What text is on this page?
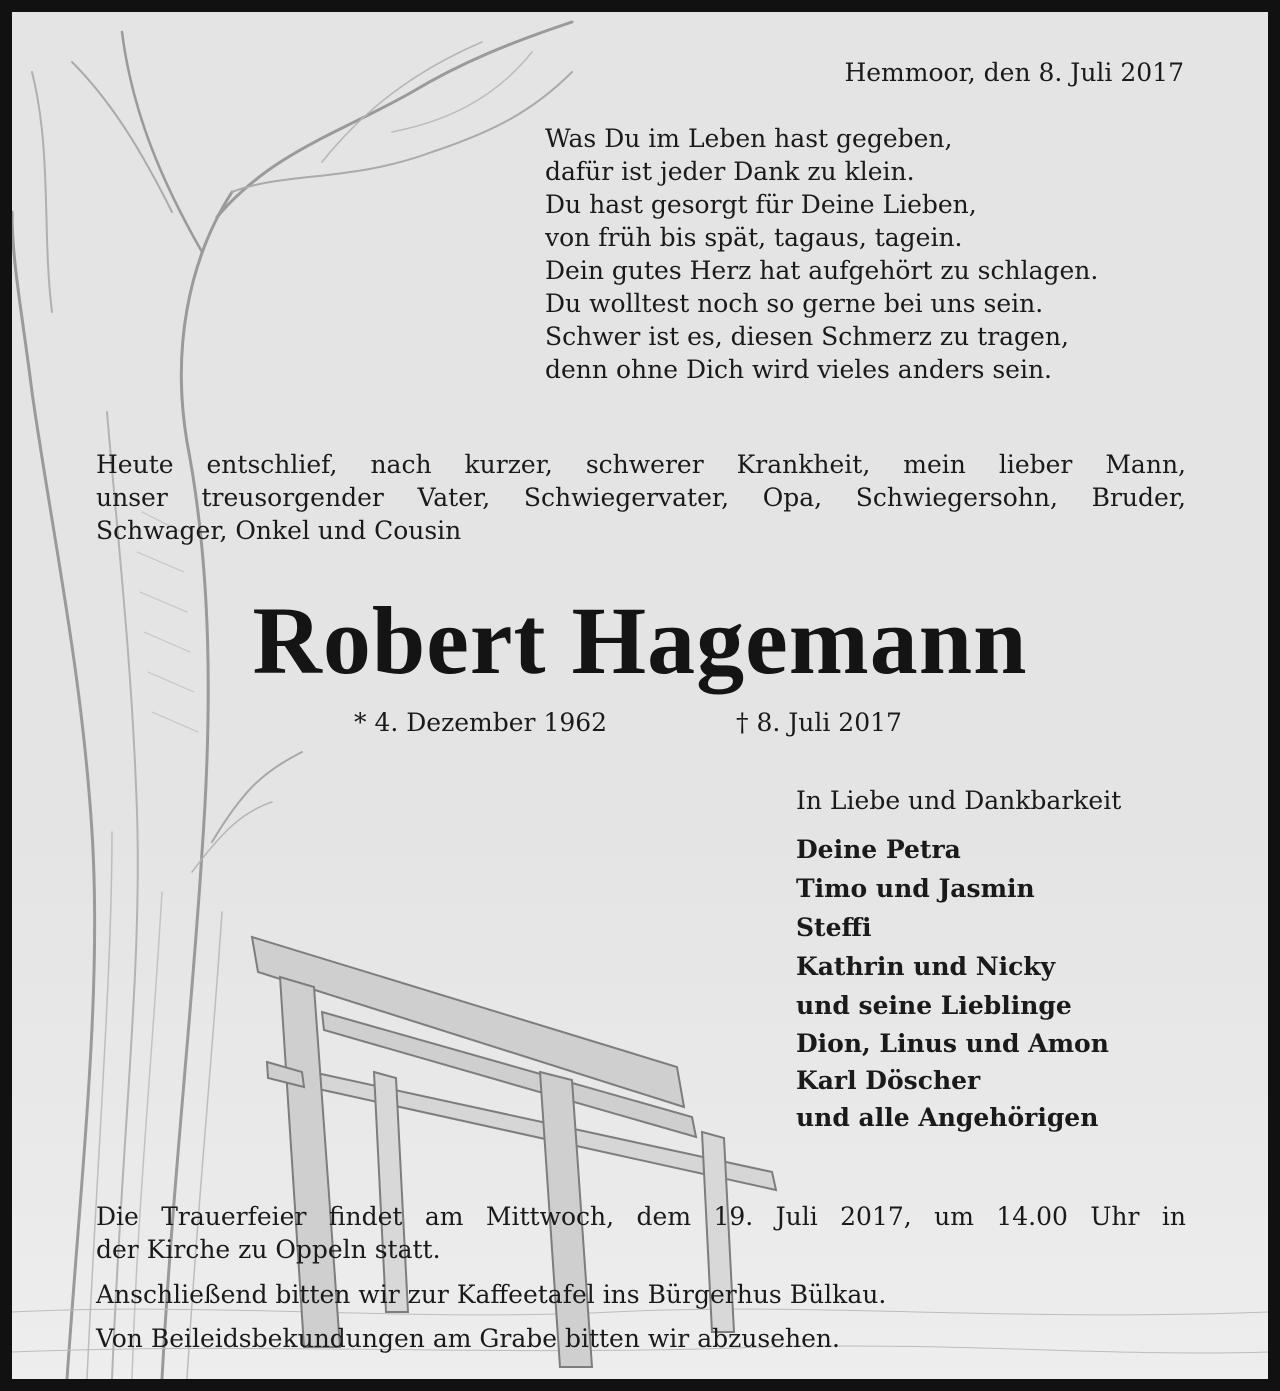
Hemmoor, den 8. Juli 2017
Was Du im Leben hast gegeben,
dafür ist jeder Dank zu klein.
Du hast gesorgt für Deine Lieben,
von früh bis spät, tagaus, tagein.
Dein gutes Herz hat aufgehört zu schlagen.
Du wolltest noch so gerne bei uns sein.
Schwer ist es, diesen Schmerz zu tragen,
denn ohne Dich wird vieles anders sein.
Heute entschlief, nach kurzer, schwerer Krankheit, mein lieber Mann,
unser treusorgender Vater, Schwiegervater, Opa, Schwiegersohn, Bruder,
Schwager, Onkel und Cousin
Robert Hagemann
* 4. Dezember 1962	† 8. Juli 2017
In Liebe und Dankbarkeit
Deine Petra
Timo und Jasmin
Steffi
Kathrin und Nicky
und seine Lieblinge
Dion, Linus und Amon
Karl Döscher
und alle Angehörigen
Die Trauerfeier findet am Mittwoch, dem 19. Juli 2017, um 14.00 Uhr in
der Kirche zu Oppeln statt.
Anschließend bitten wir zur Kaffeetafel ins Bürgerhus Bülkau.
Von Beileidsbekundungen am Grabe bitten wir abzusehen.
